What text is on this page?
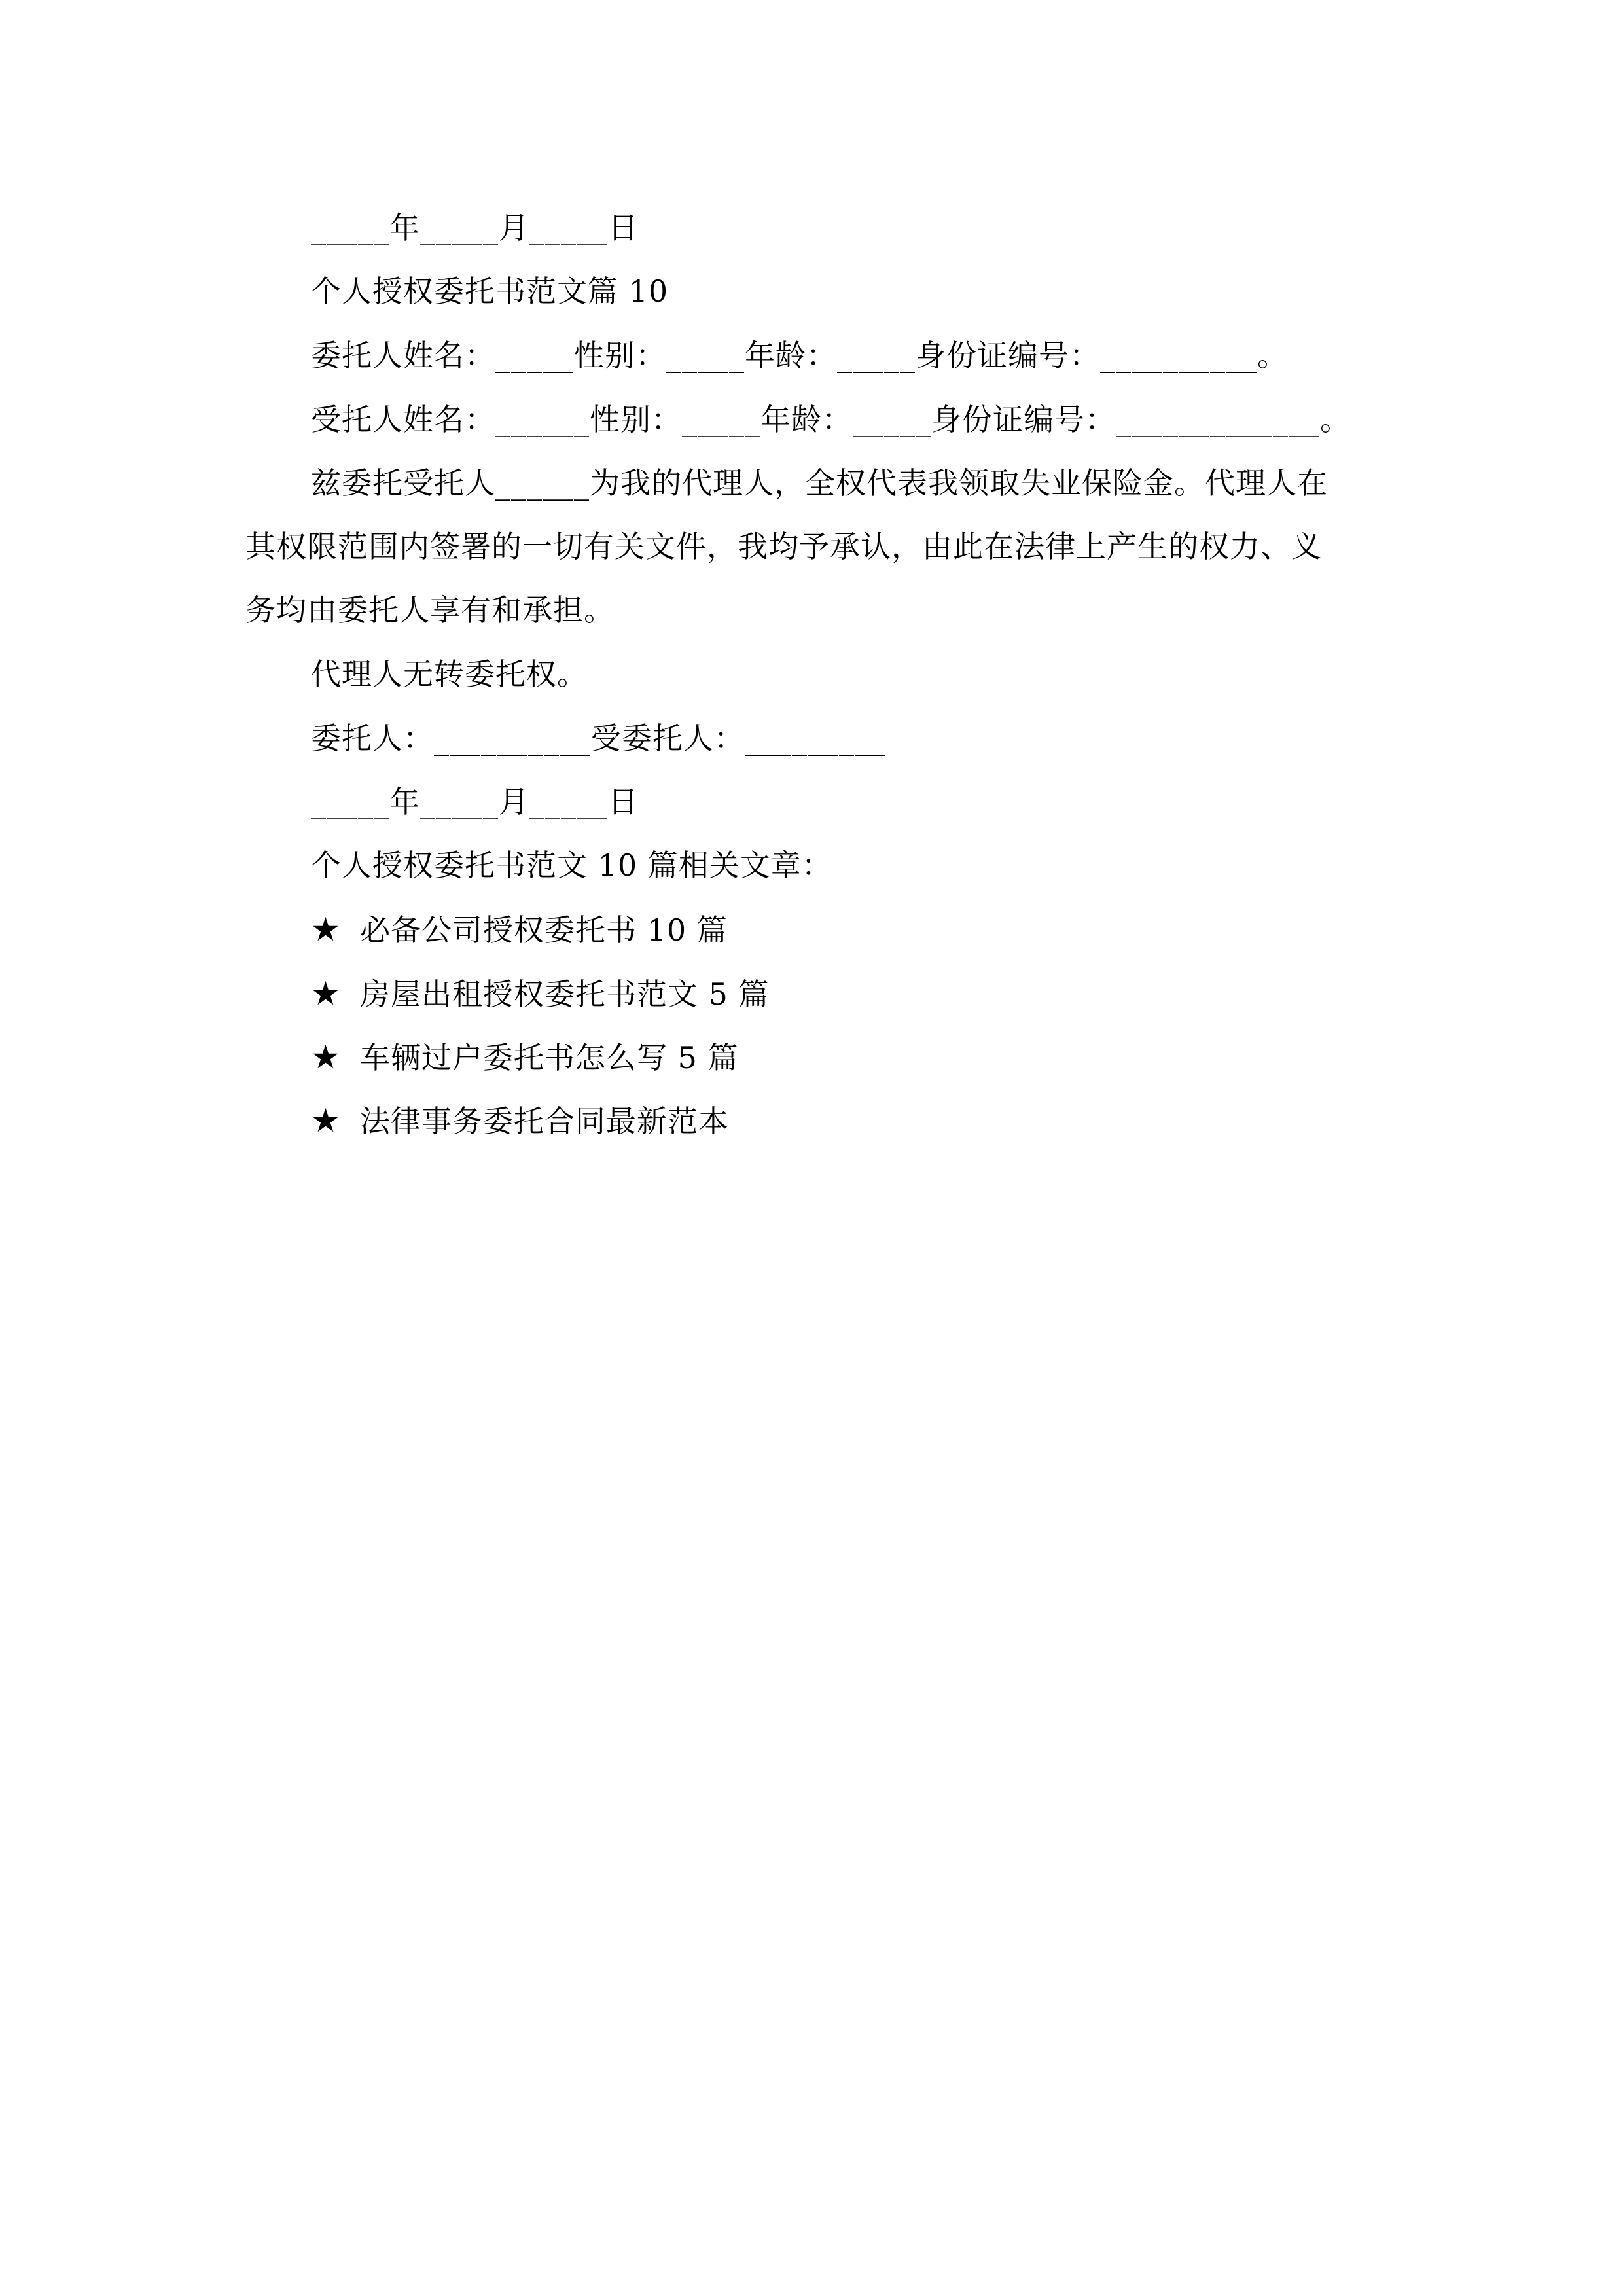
_____年_____月_____日
个人授权委托书范文篇 10
委托人姓名：_____性别：_____年龄：_____身份证编号：__________。
受托人姓名：______性别：_____年龄：_____身份证编号：_____________。
兹委托受托人______为我的代理人，全权代表我领取失业保险金。代理人在
其权限范围内签署的一切有关文件，我均予承认，由此在法律上产生的权力、义
务均由委托人享有和承担。
代理人无转委托权。
委托人：__________受委托人：_________
_____年_____月_____日
个人授权委托书范文 10 篇相关文章：
★ 必备公司授权委托书 10 篇
★ 房屋出租授权委托书范文 5 篇
★ 车辆过户委托书怎么写 5 篇
★ 法律事务委托合同最新范本
